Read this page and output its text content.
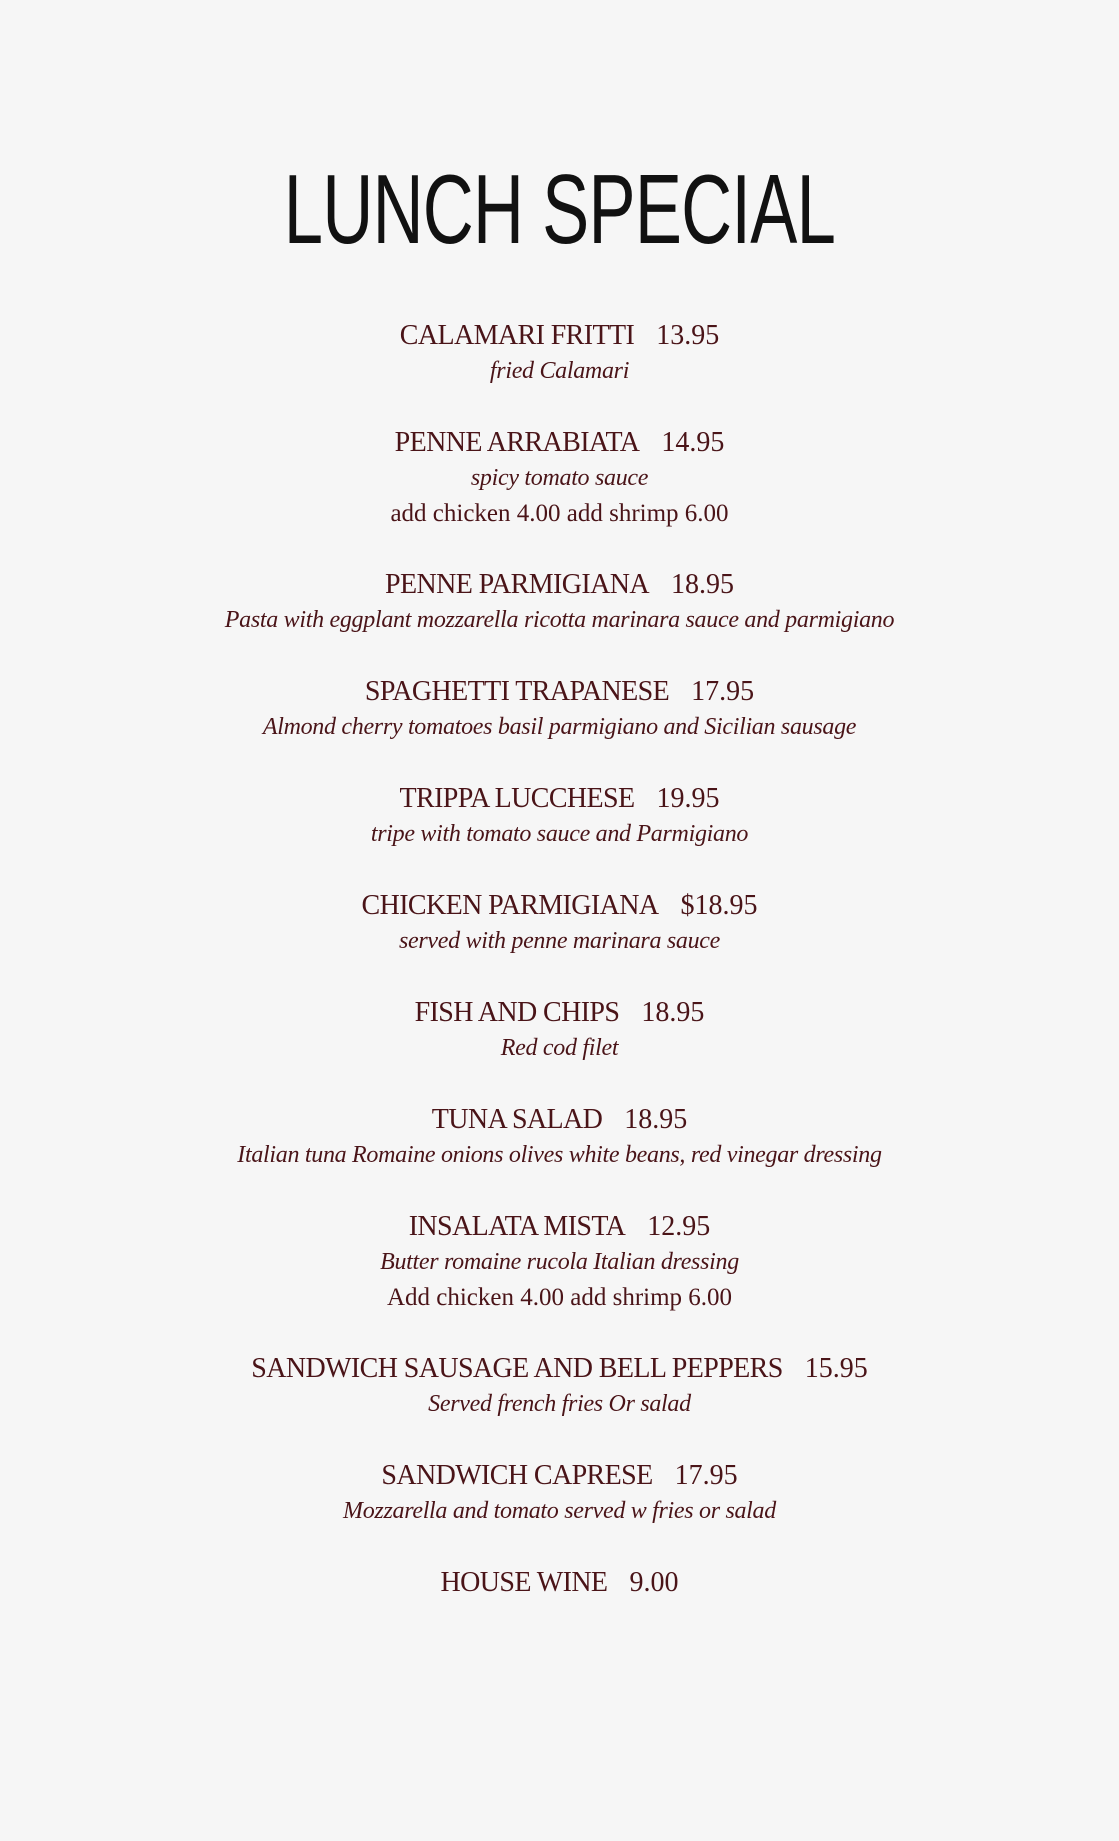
LUNCH SPECIAL
CALAMARI FRITTI 13.95
fried Calamari
PENNE ARRABIATA 14.95
spicy tomato sauce
add chicken 4.00 add shrimp 6.00
PENNE PARMIGIANA 18.95
Pasta with eggplant mozzarella ricotta marinara sauce and parmigiano
SPAGHETTI TRAPANESE 17.95
Almond cherry tomatoes basil parmigiano and Sicilian sausage
TRIPPA LUCCHESE 19.95
tripe with tomato sauce and Parmigiano
CHICKEN PARMIGIANA $18.95
served with penne marinara sauce
FISH AND CHIPS 18.95
Red cod filet
TUNA SALAD 18.95
Italian tuna Romaine onions olives white beans, red vinegar dressing
INSALATA MISTA 12.95
Butter romaine rucola Italian dressing
Add chicken 4.00 add shrimp 6.00
SANDWICH SAUSAGE AND BELL PEPPERS 15.95
Served french fries Or salad
SANDWICH CAPRESE 17.95
Mozzarella and tomato served w fries or salad
HOUSE WINE 9.00
